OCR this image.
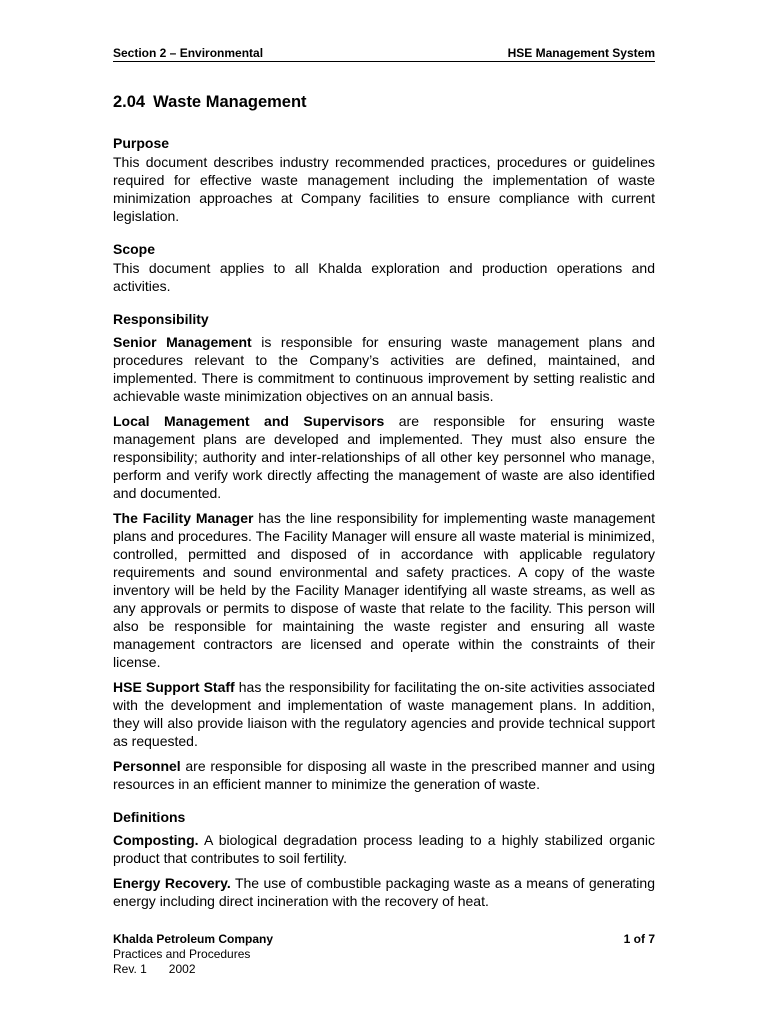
Section 2 – Environmental	HSE Management System
2.04 Waste Management
Purpose

This document describes industry recommended practices, procedures or guidelines required for effective waste management including the implementation of waste minimization approaches at Company facilities to ensure compliance with current legislation.

Scope

This document applies to all Khalda exploration and production operations and activities.

Responsibility

Senior Management is responsible for ensuring waste management plans and procedures relevant to the Company’s activities are defined, maintained, and implemented. There is commitment to continuous improvement by setting realistic and achievable waste minimization objectives on an annual basis.

Local Management and Supervisors are responsible for ensuring waste management plans are developed and implemented. They must also ensure the responsibility; authority and inter-relationships of all other key personnel who manage, perform and verify work directly affecting the management of waste are also identified and documented.

The Facility Manager has the line responsibility for implementing waste management plans and procedures. The Facility Manager will ensure all waste material is minimized, controlled, permitted and disposed of in accordance with applicable regulatory requirements and sound environmental and safety practices. A copy of the waste inventory will be held by the Facility Manager identifying all waste streams, as well as any approvals or permits to dispose of waste that relate to the facility. This person will also be responsible for maintaining the waste register and ensuring all waste management contractors are licensed and operate within the constraints of their license.

HSE Support Staff has the responsibility for facilitating the on-site activities associated with the development and implementation of waste management plans. In addition, they will also provide liaison with the regulatory agencies and provide technical support as requested.

Personnel are responsible for disposing all waste in the prescribed manner and using resources in an efficient manner to minimize the generation of waste.

Definitions

Composting. A biological degradation process leading to a highly stabilized organic product that contributes to soil fertility.

Energy Recovery. The use of combustible packaging waste as a means of generating energy including direct incineration with the recovery of heat.

Khalda Petroleum Company
Practices and Procedures
Rev. 1 2002
1 of 7
